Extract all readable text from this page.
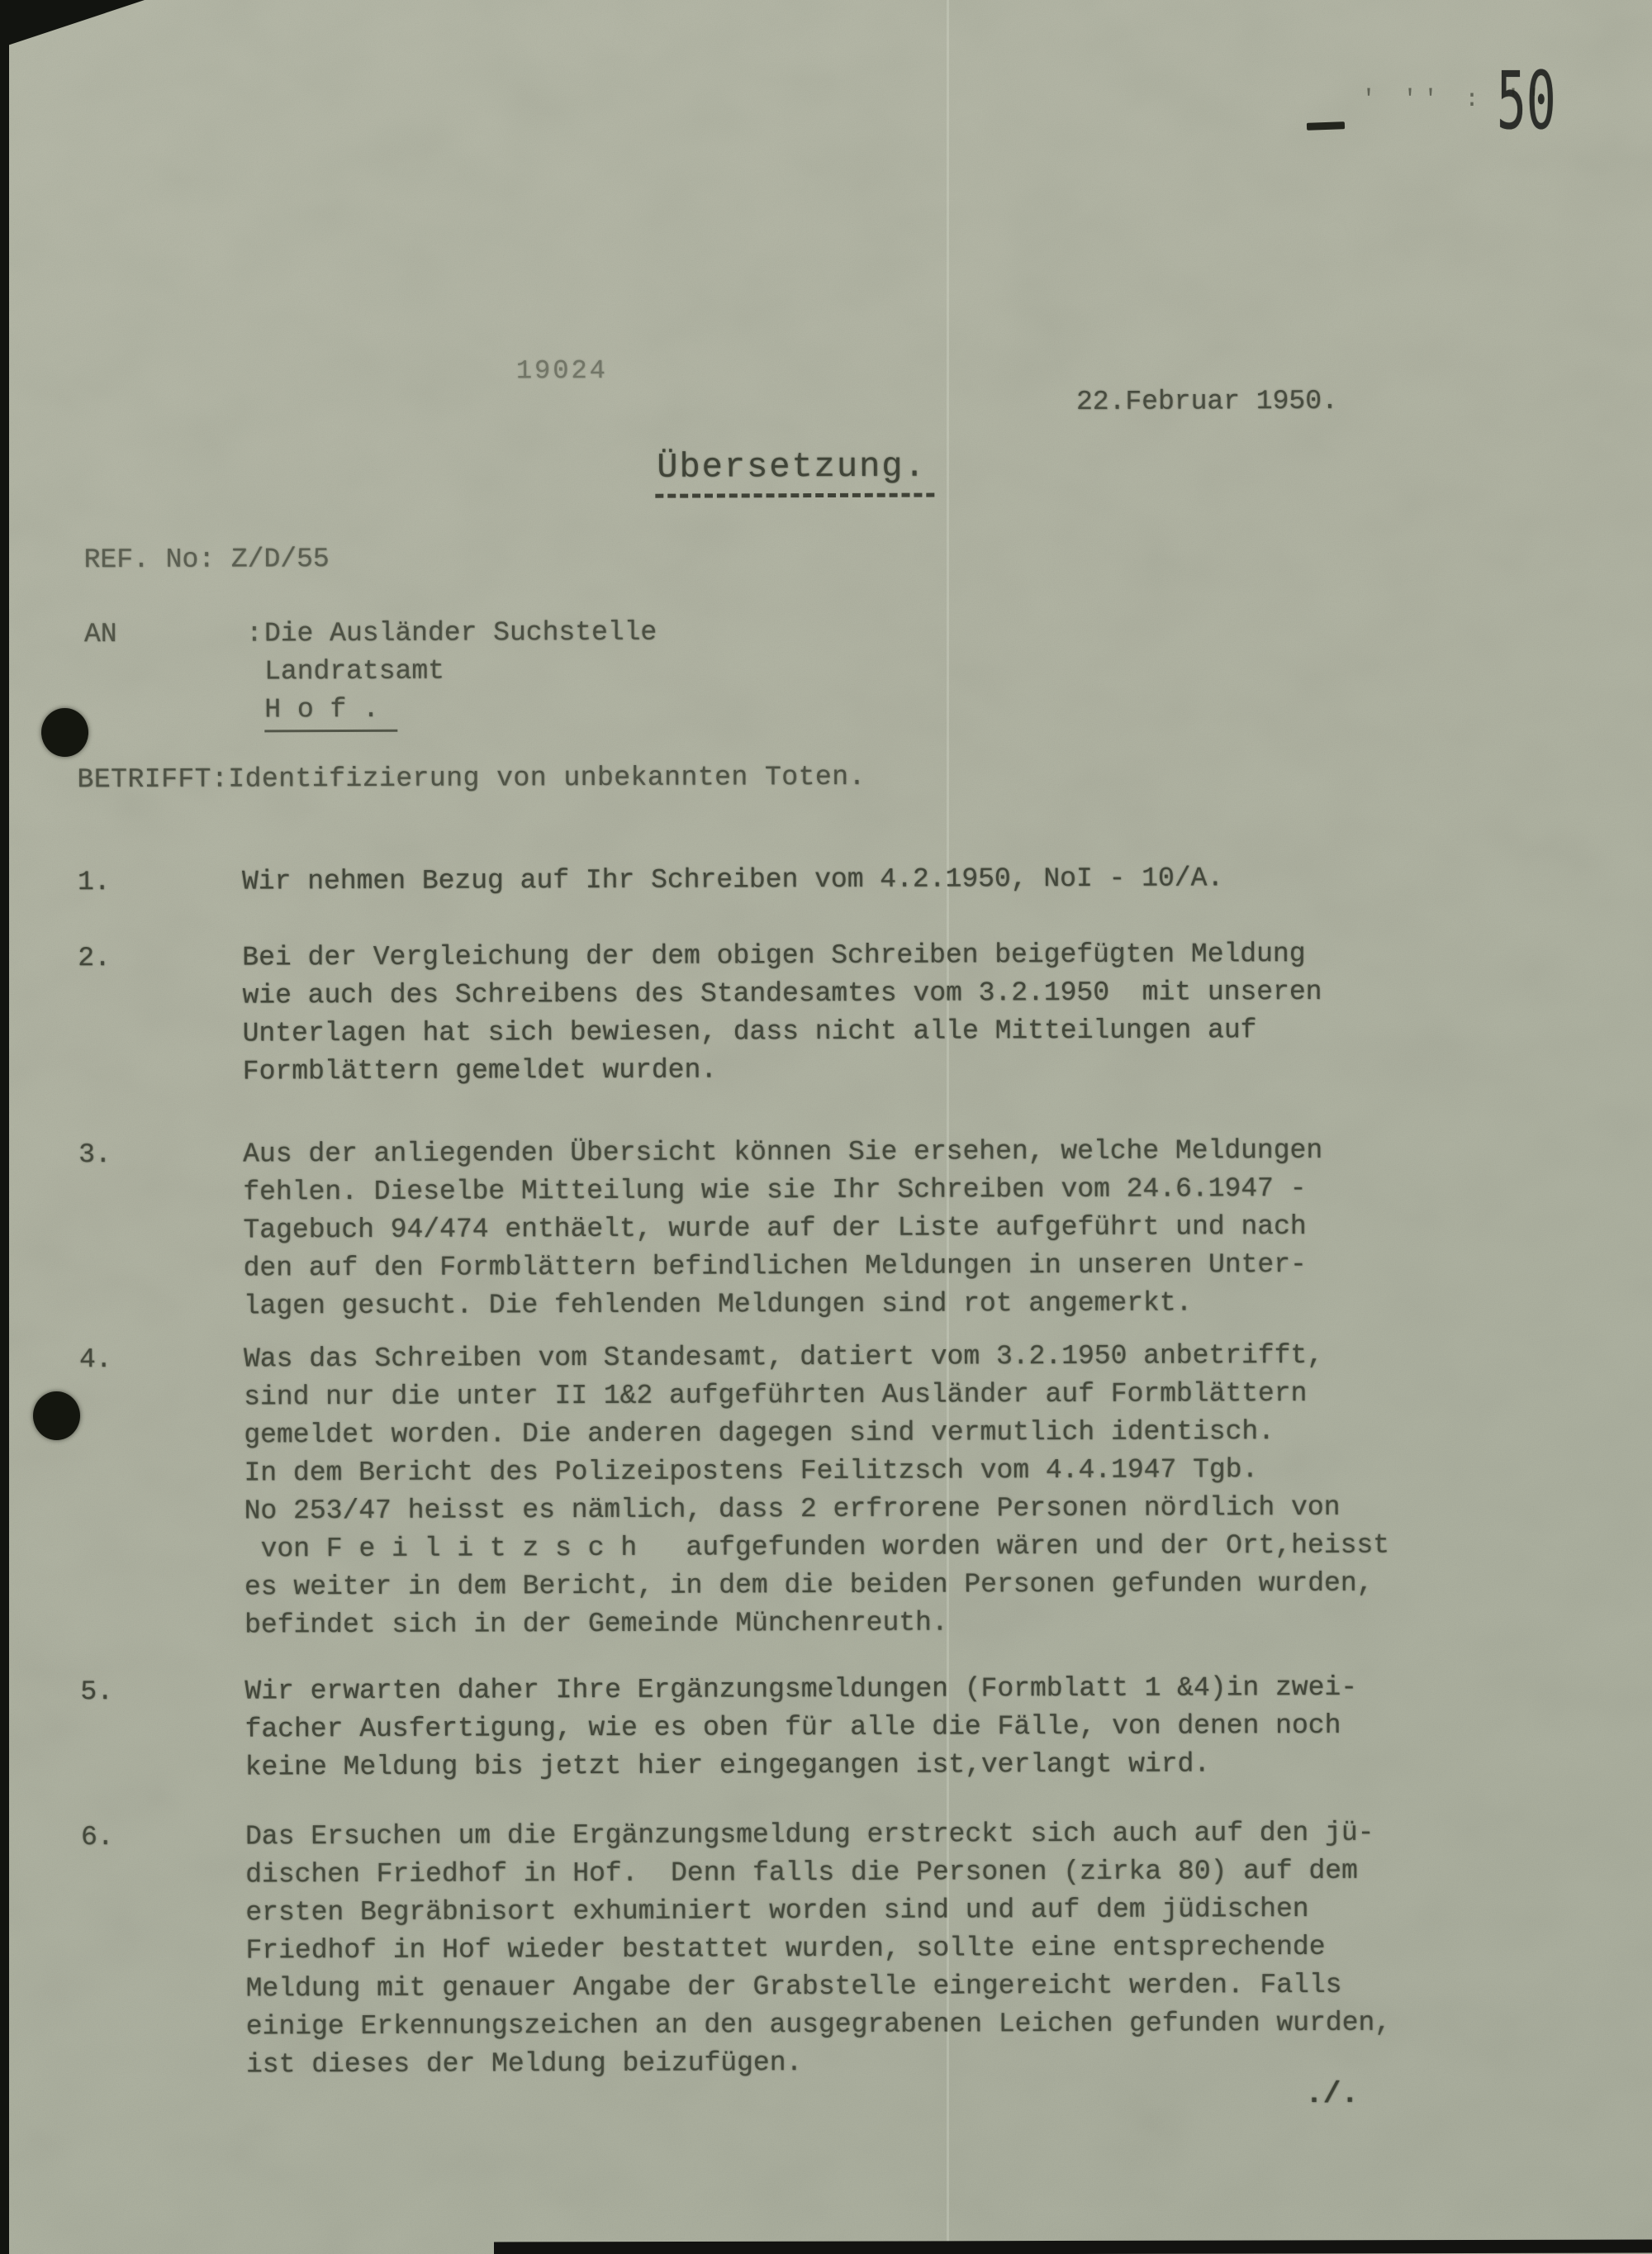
50
' '' : ''
19024
22.Februar 1950.
Übersetzung.
REF. No: Z/D/55
AN	: Die Ausländer Suchstelle
Landratsamt
H o f .
BETRIFFT:Identifizierung von unbekannten Toten.
1.	Wir nehmen Bezug auf Ihr Schreiben vom 4.2.1950, NoI - 10/A.
2.	Bei der Vergleichung der dem obigen Schreiben beigefügten Meldung
wie auch des Schreibens des Standesamtes vom 3.2.1950  mit unseren
Unterlagen hat sich bewiesen, dass nicht alle Mitteilungen auf
Formblättern gemeldet wurden.
3.	Aus der anliegenden Übersicht können Sie ersehen, welche Meldungen
fehlen. Dieselbe Mitteilung wie sie Ihr Schreiben vom 24.6.1947 -
Tagebuch 94/474 enthäelt, wurde auf der Liste aufgeführt und nach
den auf den Formblättern befindlichen Meldungen in unseren Unter-
lagen gesucht. Die fehlenden Meldungen sind rot angemerkt.
4.	Was das Schreiben vom Standesamt, datiert vom 3.2.1950 anbetrifft,
sind nur die unter II 1&2 aufgeführten Ausländer auf Formblättern
gemeldet worden. Die anderen dagegen sind vermutlich identisch.
In dem Bericht des Polizeipostens Feilitzsch vom 4.4.1947 Tgb.
No 253/47 heisst es nämlich, dass 2 erfrorene Personen nördlich von
von F e i l i t z s c h   aufgefunden worden wären und der Ort,heisst
es weiter in dem Bericht, in dem die beiden Personen gefunden wurden,
befindet sich in der Gemeinde Münchenreuth.
5.	Wir erwarten daher Ihre Ergänzungsmeldungen (Formblatt 1 &4)in zwei-
facher Ausfertigung, wie es oben für alle die Fälle, von denen noch
keine Meldung bis jetzt hier eingegangen ist,verlangt wird.
6.	Das Ersuchen um die Ergänzungsmeldung erstreckt sich auch auf den jü-
dischen Friedhof in Hof.  Denn falls die Personen (zirka 80) auf dem
ersten Begräbnisort exhuminiert worden sind und auf dem jüdischen
Friedhof in Hof wieder bestattet wurden, sollte eine entsprechende
Meldung mit genauer Angabe der Grabstelle eingereicht werden. Falls
einige Erkennungszeichen an den ausgegrabenen Leichen gefunden wurden,
ist dieses der Meldung beizufügen.
./.
